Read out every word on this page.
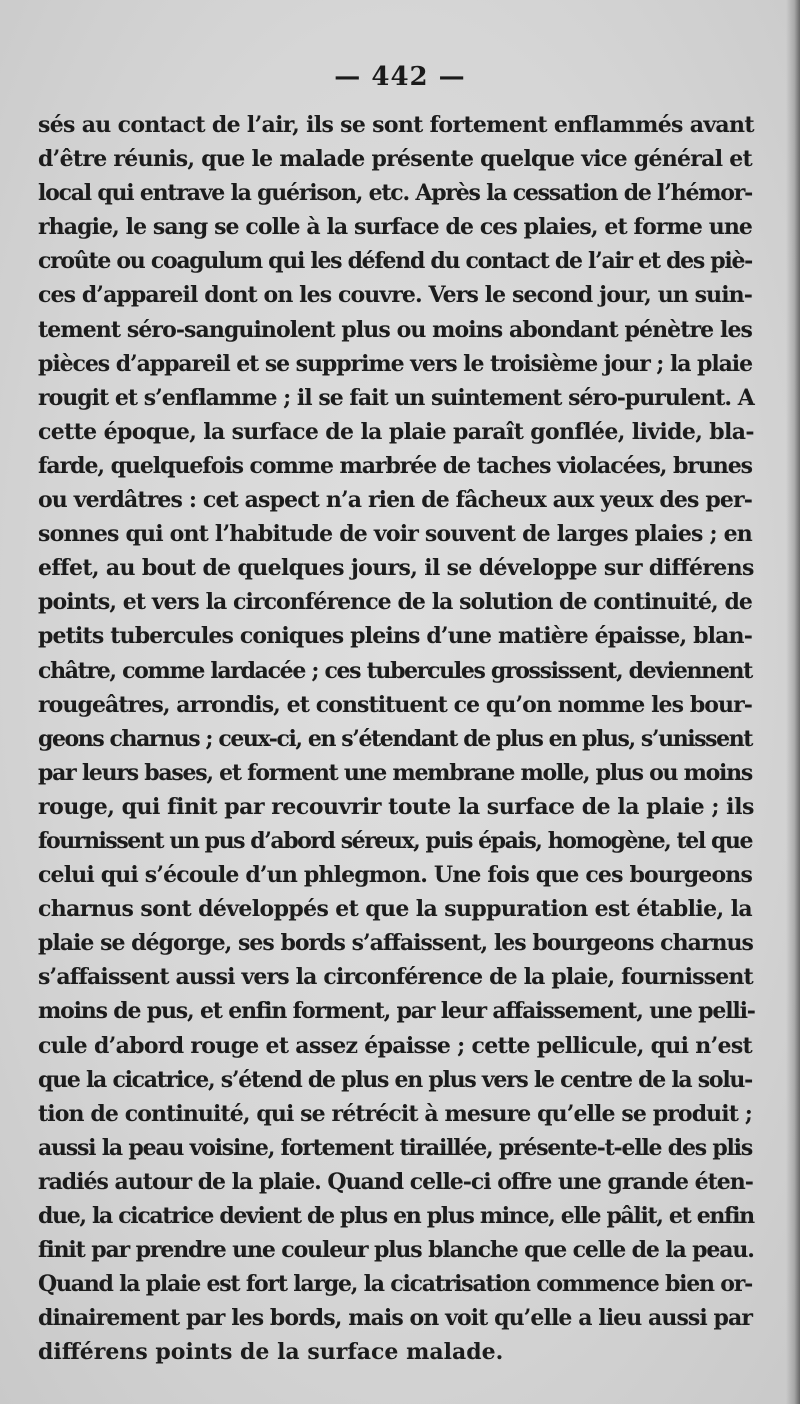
— 442 —
sés au contact de l’air, ils se sont fortement enflammés avant
d’être réunis, que le malade présente quelque vice général et
local qui entrave la guérison, etc. Après la cessation de l’hémor-
rhagie, le sang se colle à la surface de ces plaies, et forme une
croûte ou coagulum qui les défend du contact de l’air et des piè-
ces d’appareil dont on les couvre. Vers le second jour, un suin-
tement séro-sanguinolent plus ou moins abondant pénètre les
pièces d’appareil et se supprime vers le troisième jour ; la plaie
rougit et s’enflamme ; il se fait un suintement séro-purulent. A
cette époque, la surface de la plaie paraît gonflée, livide, bla-
farde, quelquefois comme marbrée de taches violacées, brunes
ou verdâtres : cet aspect n’a rien de fâcheux aux yeux des per-
sonnes qui ont l’habitude de voir souvent de larges plaies ; en
effet, au bout de quelques jours, il se développe sur différens
points, et vers la circonférence de la solution de continuité, de
petits tubercules coniques pleins d’une matière épaisse, blan-
châtre, comme lardacée ; ces tubercules grossissent, deviennent
rougeâtres, arrondis, et constituent ce qu’on nomme les bour-
geons charnus ; ceux-ci, en s’étendant de plus en plus, s’unissent
par leurs bases, et forment une membrane molle, plus ou moins
rouge, qui finit par recouvrir toute la surface de la plaie ; ils
fournissent un pus d’abord séreux, puis épais, homogène, tel que
celui qui s’écoule d’un phlegmon. Une fois que ces bourgeons
charnus sont développés et que la suppuration est établie, la
plaie se dégorge, ses bords s’affaissent, les bourgeons charnus
s’affaissent aussi vers la circonférence de la plaie, fournissent
moins de pus, et enfin forment, par leur affaissement, une pelli-
cule d’abord rouge et assez épaisse ; cette pellicule, qui n’est
que la cicatrice, s’étend de plus en plus vers le centre de la solu-
tion de continuité, qui se rétrécit à mesure qu’elle se produit ;
aussi la peau voisine, fortement tiraillée, présente-t-elle des plis
radiés autour de la plaie. Quand celle-ci offre une grande éten-
due, la cicatrice devient de plus en plus mince, elle pâlit, et enfin
finit par prendre une couleur plus blanche que celle de la peau.
Quand la plaie est fort large, la cicatrisation commence bien or-
dinairement par les bords, mais on voit qu’elle a lieu aussi par
différens points de la surface malade.
